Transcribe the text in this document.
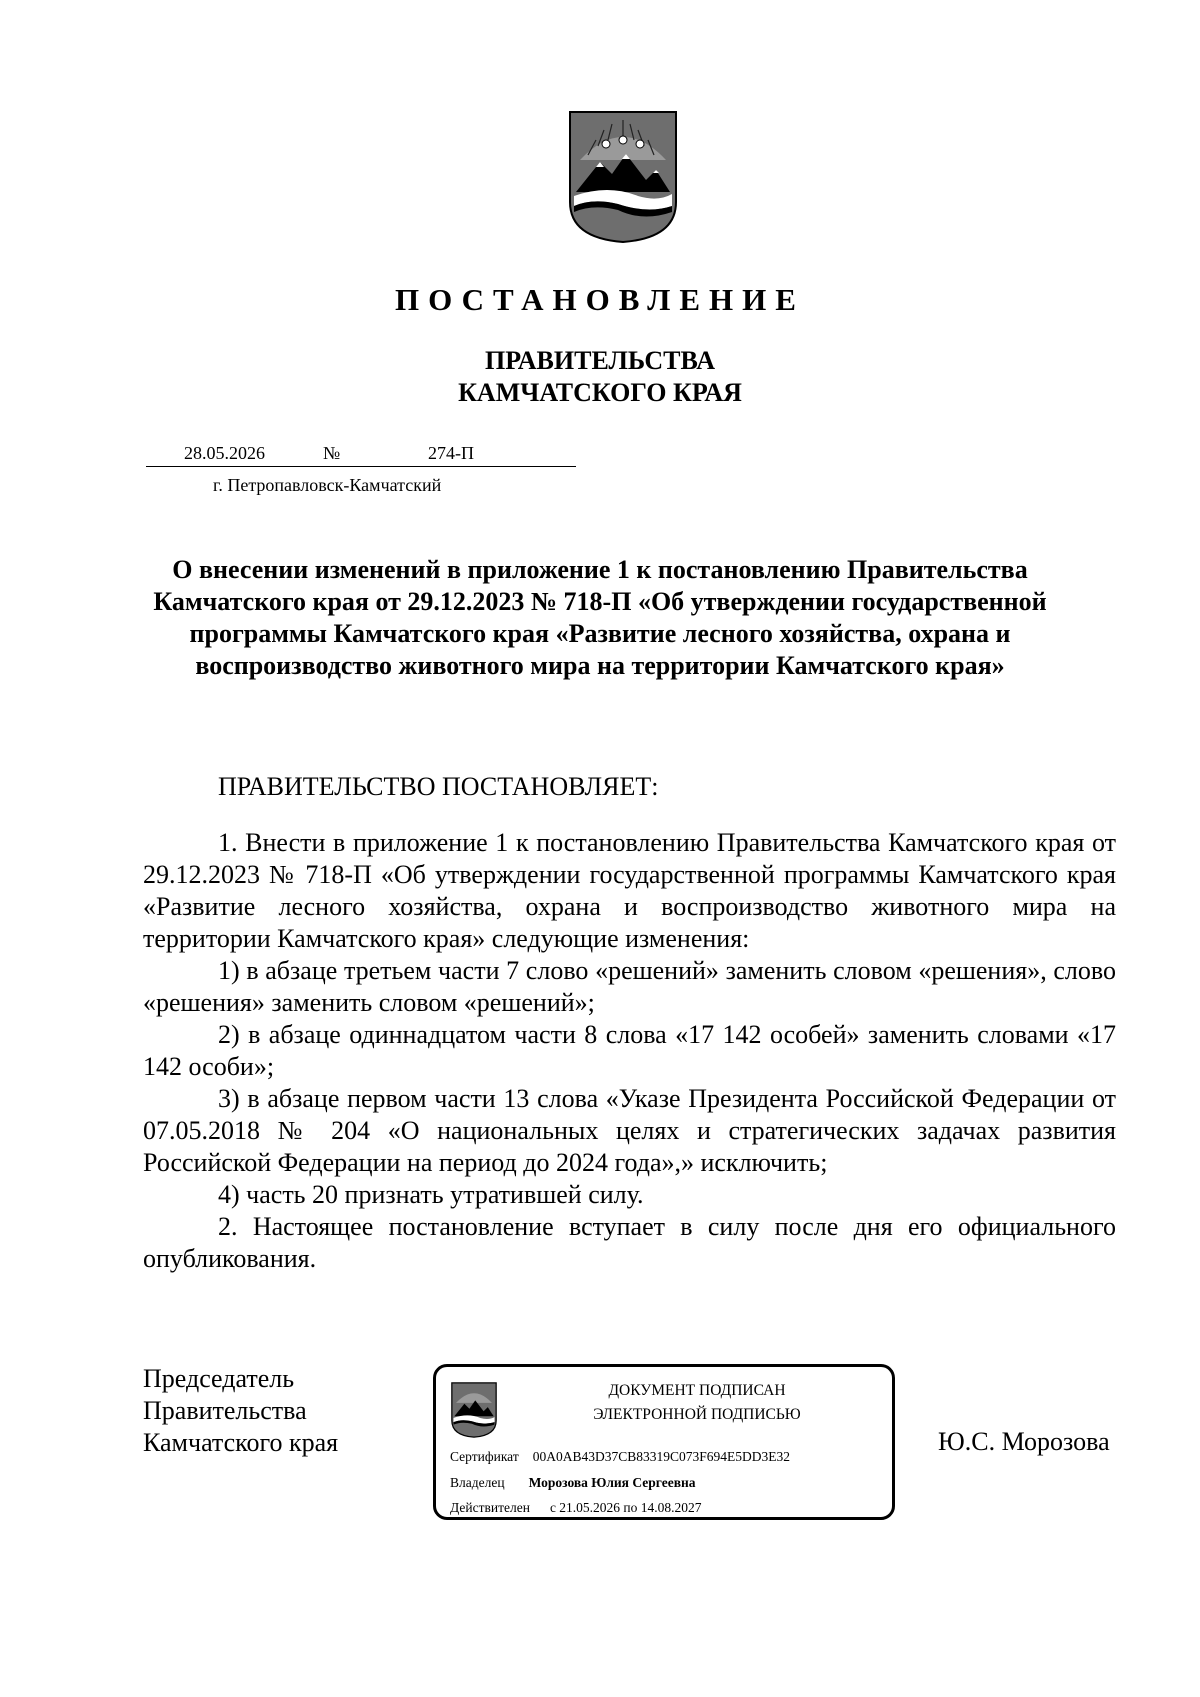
ПОСТАНОВЛЕНИЕ
ПРАВИТЕЛЬСТВА
КАМЧАТСКОГО КРАЯ
28.05.2026	№	274-П
г. Петропавловск-Камчатский
О внесении изменений в приложение 1 к постановлению Правительства Камчатского края от 29.12.2023 № 718-П «Об утверждении государственной программы Камчатского края «Развитие лесного хозяйства, охрана и воспроизводство животного мира на территории Камчатского края»
ПРАВИТЕЛЬСТВО ПОСТАНОВЛЯЕТ:

1. Внести в приложение 1 к постановлению Правительства Камчатского края от 29.12.2023 № 718-П «Об утверждении государственной программы Камчатского края «Развитие лесного хозяйства, охрана и воспроизводство животного мира на территории Камчатского края» следующие изменения:

1) в абзаце третьем части 7 слово «решений» заменить словом «решения», слово «решения» заменить словом «решений»;

2) в абзаце одиннадцатом части 8 слова «17 142 особей» заменить словами «17 142 особи»;

3) в абзаце первом части 13 слова «Указе Президента Российской Федерации от 07.05.2018 № 204 «О национальных целях и стратегических задачах развития Российской Федерации на период до 2024 года»,» исключить;

4) часть 20 признать утратившей силу.

2. Настоящее постановление вступает в силу после дня его официального опубликования.

Председатель
Правительства
Камчатского края
ДОКУМЕНТ ПОДПИСАН
ЭЛЕКТРОННОЙ ПОДПИСЬЮ
Сертификат 00A0AB43D37CB83319C073F694E5DD3E32
Владелец Морозова Юлия Сергеевна
Действителен с 21.05.2026 по 14.08.2027
Ю.С. Морозова
